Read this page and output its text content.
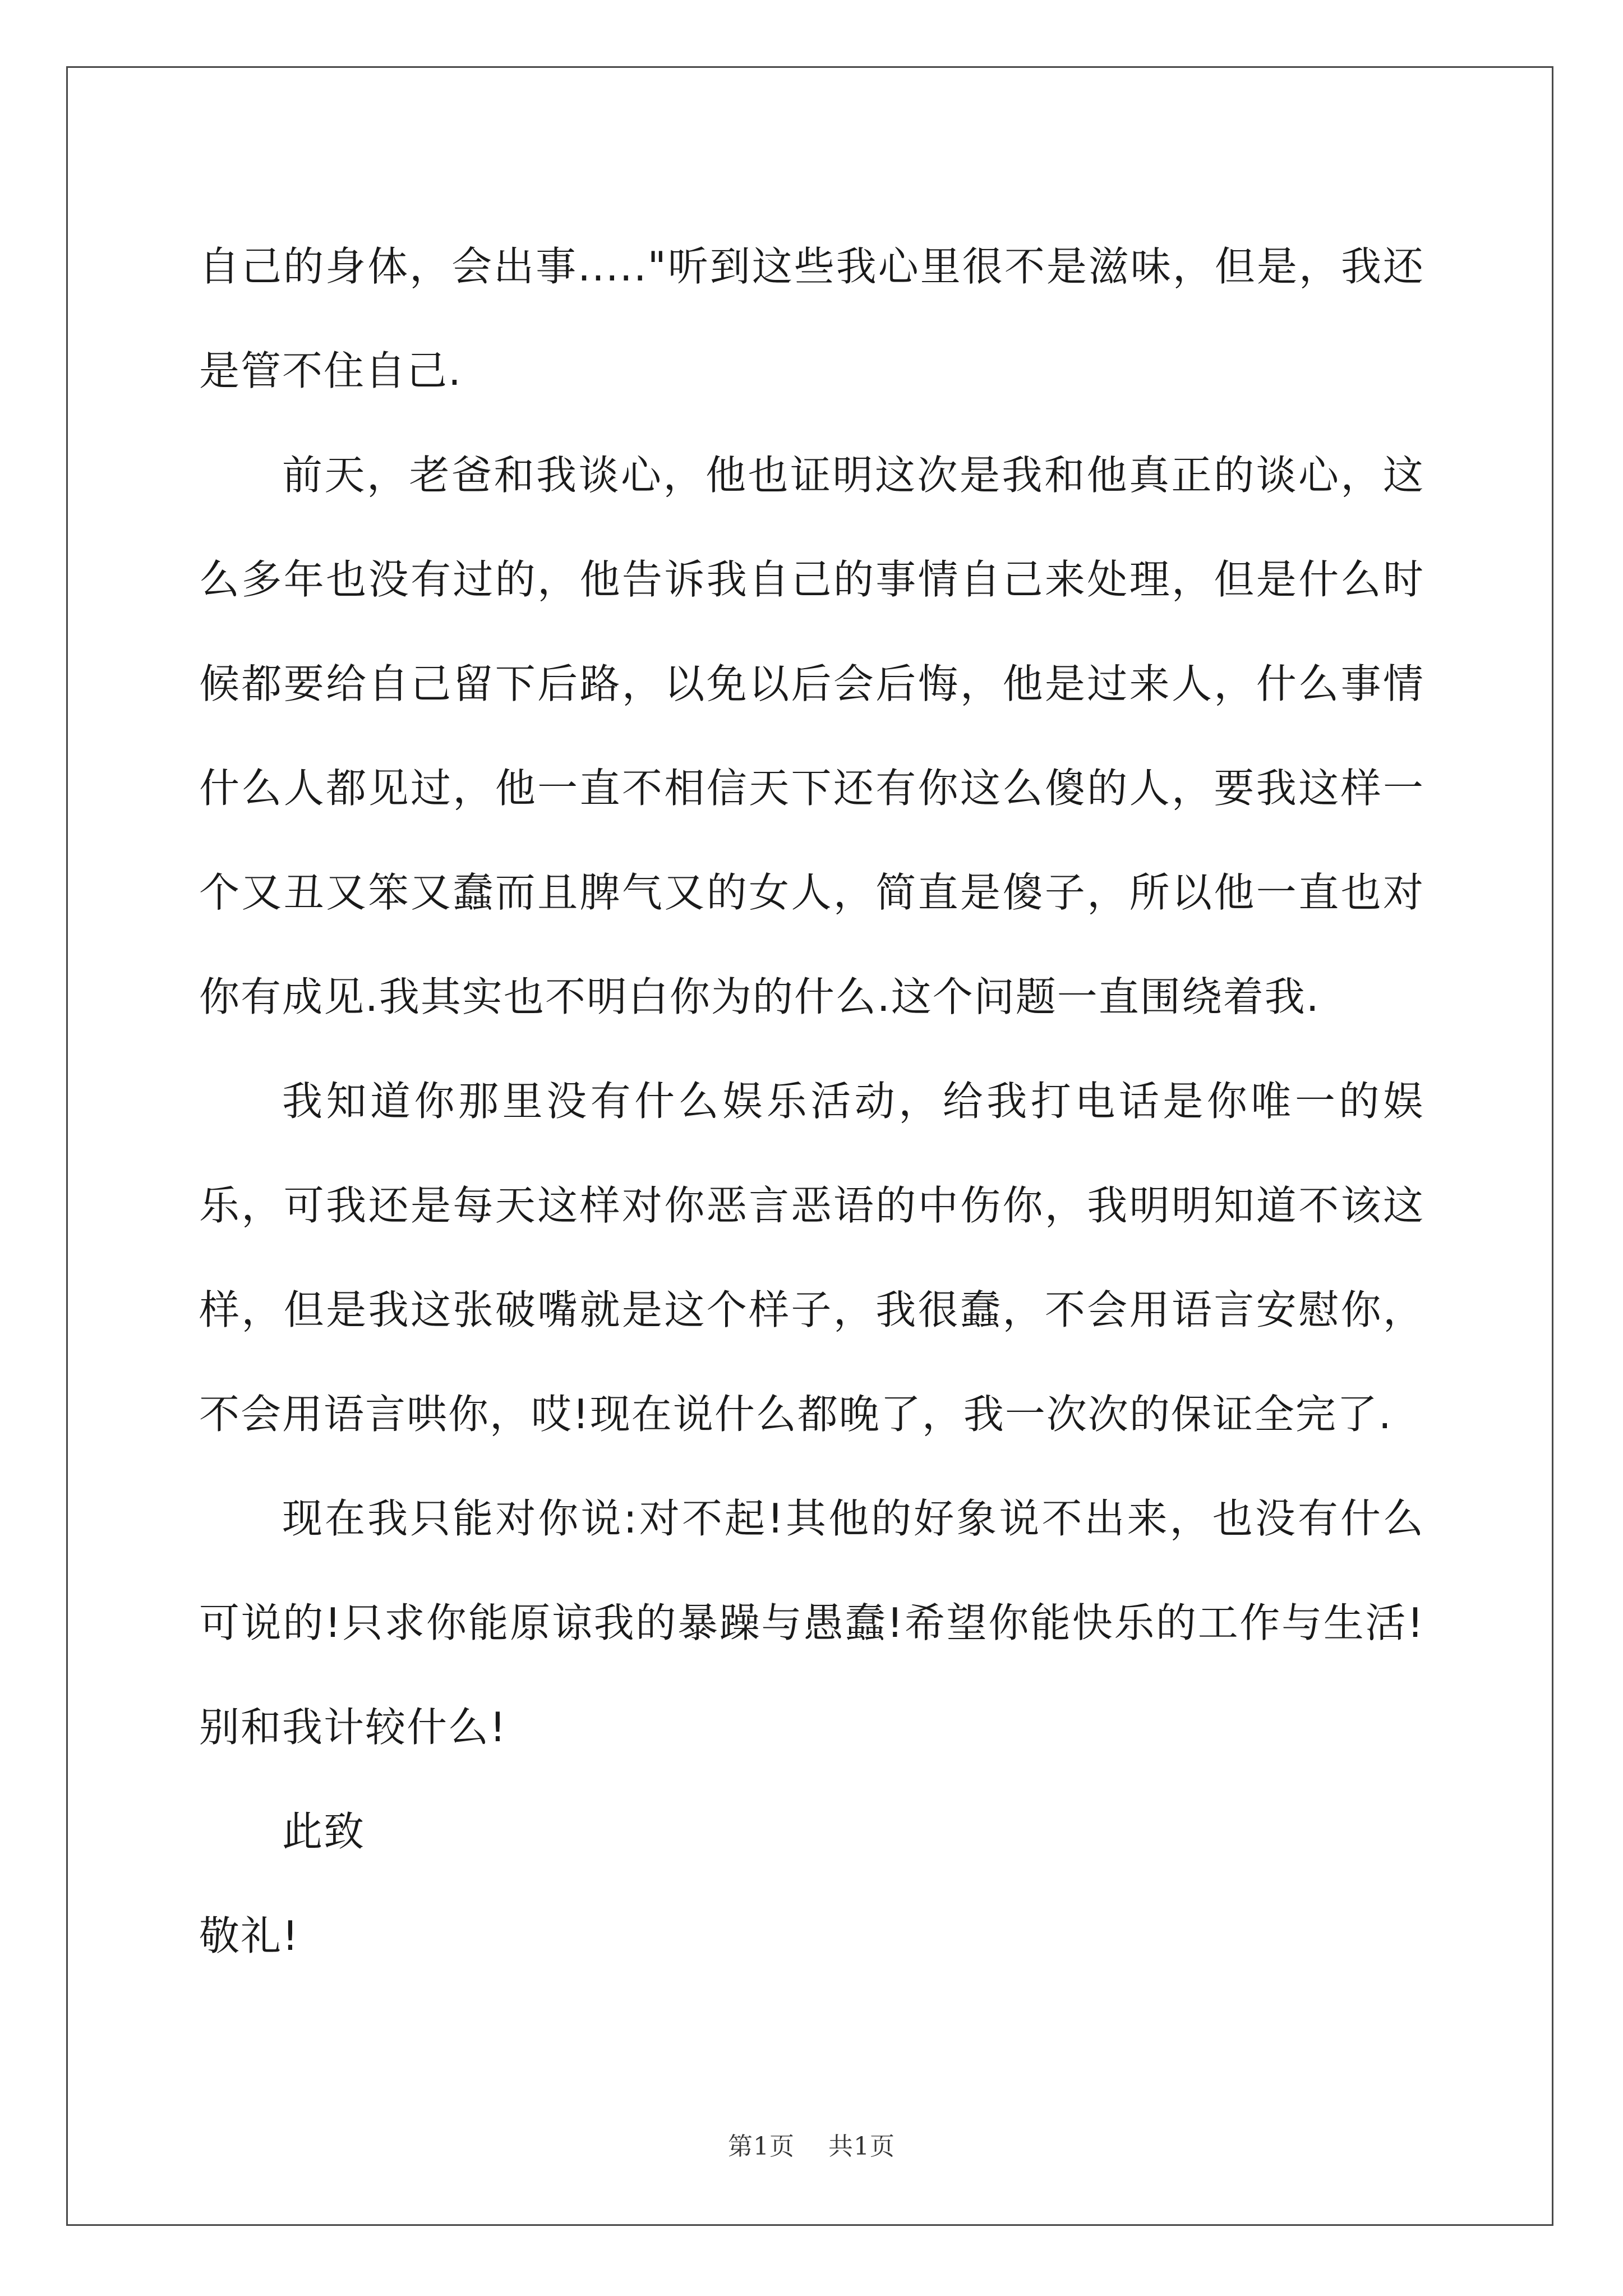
自己的身体，会出事....."听到这些我心里很不是滋味，但是，我还是管不住自己.

前天，老爸和我谈心，他也证明这次是我和他真正的谈心，这么多年也没有过的，他告诉我自己的事情自己来处理，但是什么时候都要给自己留下后路，以免以后会后悔，他是过来人，什么事情什么人都见过，他一直不相信天下还有你这么傻的人，要我这样一个又丑又笨又蠢而且脾气又的女人，简直是傻子，所以他一直也对你有成见.我其实也不明白你为的什么.这个问题一直围绕着我.

我知道你那里没有什么娱乐活动，给我打电话是你唯一的娱乐，可我还是每天这样对你恶言恶语的中伤你，我明明知道不该这样，但是我这张破嘴就是这个样子，我很蠢，不会用语言安慰你，不会用语言哄你，哎!现在说什么都晚了，我一次次的保证全完了.

现在我只能对你说:对不起!其他的好象说不出来，也没有什么可说的!只求你能原谅我的暴躁与愚蠢!希望你能快乐的工作与生活!别和我计较什么!

此致

敬礼!

第1页 共1页
